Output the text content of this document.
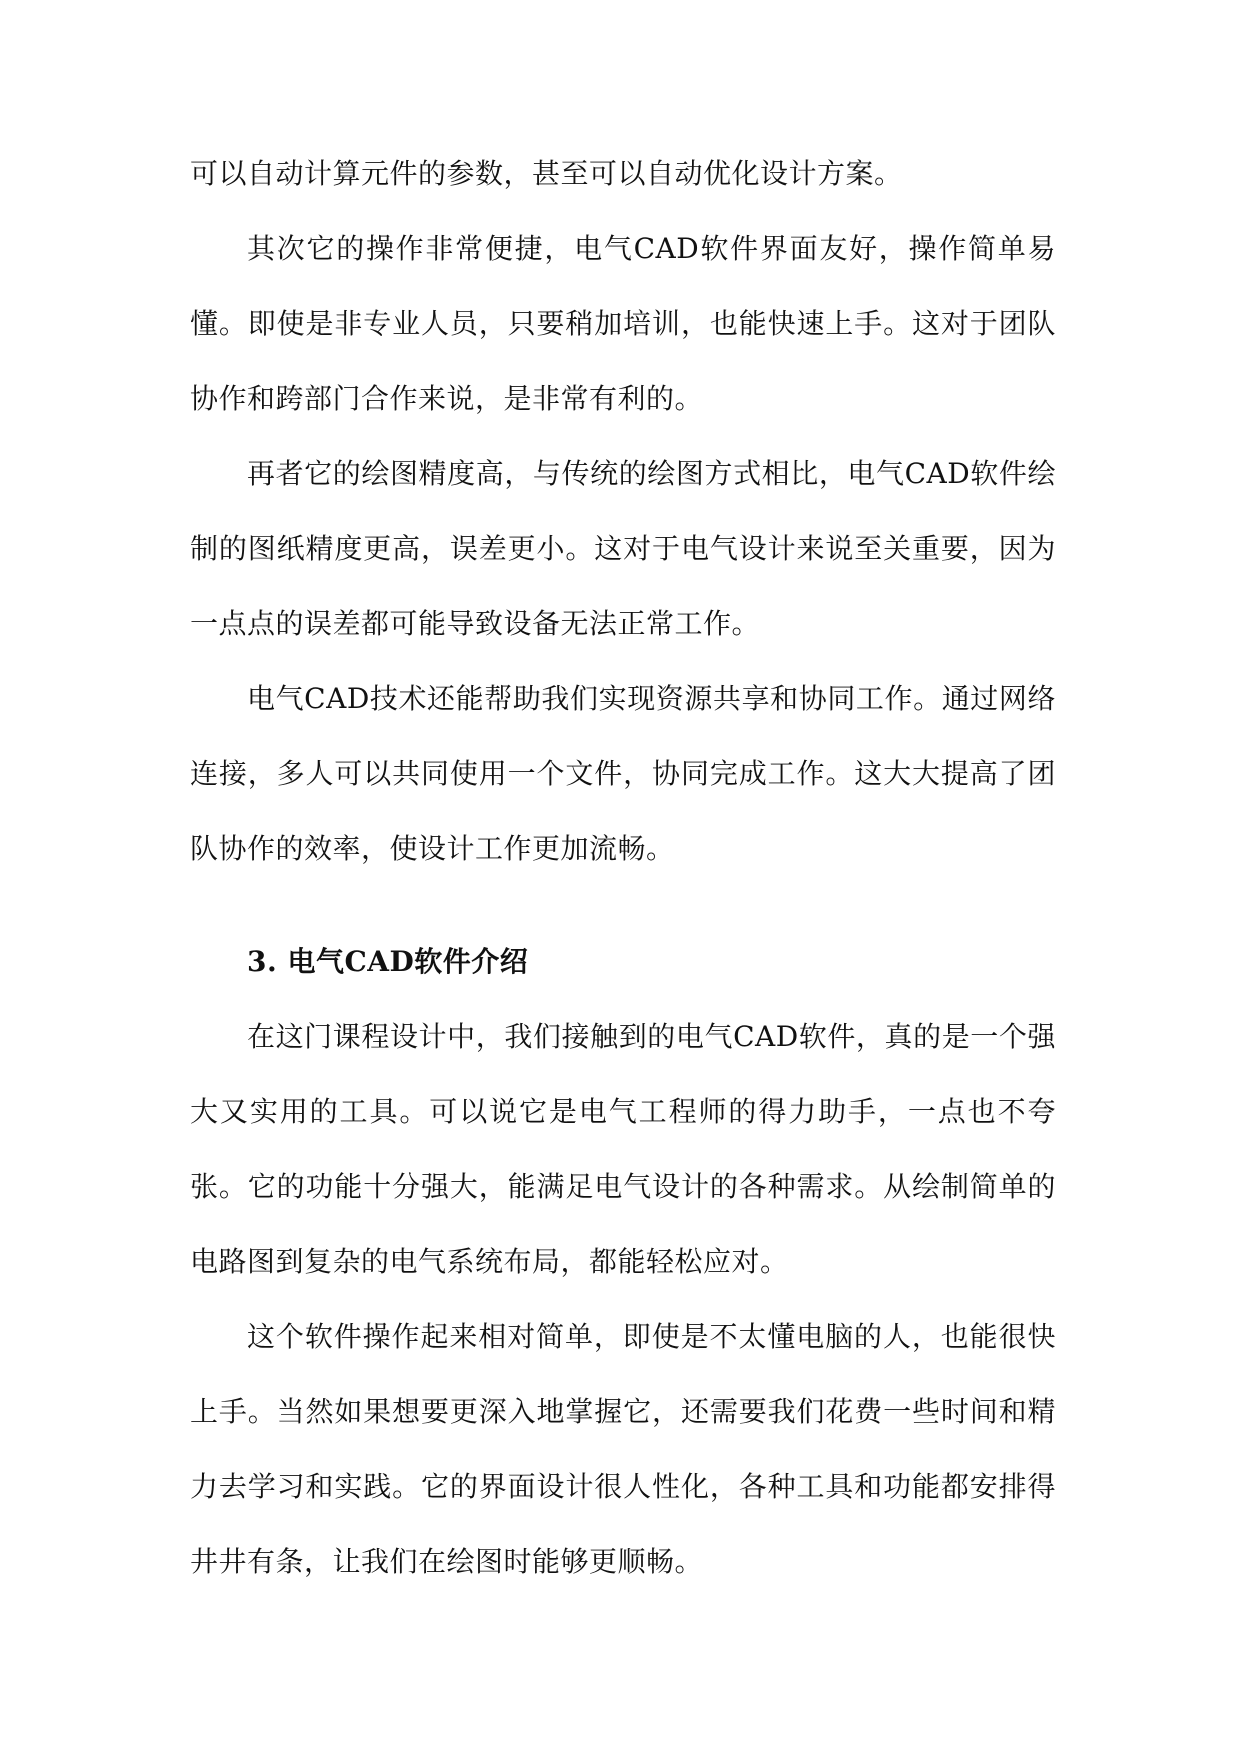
可以自动计算元件的参数，甚至可以自动优化设计方案。

其次它的操作非常便捷，电气CAD软件界面友好，操作简单易懂。即使是非专业人员，只要稍加培训，也能快速上手。这对于团队协作和跨部门合作来说，是非常有利的。

再者它的绘图精度高，与传统的绘图方式相比，电气CAD软件绘制的图纸精度更高，误差更小。这对于电气设计来说至关重要，因为一点点的误差都可能导致设备无法正常工作。

电气CAD技术还能帮助我们实现资源共享和协同工作。通过网络连接，多人可以共同使用一个文件，协同完成工作。这大大提高了团队协作的效率，使设计工作更加流畅。

3. 电气CAD软件介绍

在这门课程设计中，我们接触到的电气CAD软件，真的是一个强大又实用的工具。可以说它是电气工程师的得力助手，一点也不夸张。它的功能十分强大，能满足电气设计的各种需求。从绘制简单的电路图到复杂的电气系统布局，都能轻松应对。

这个软件操作起来相对简单，即使是不太懂电脑的人，也能很快上手。当然如果想要更深入地掌握它，还需要我们花费一些时间和精力去学习和实践。它的界面设计很人性化，各种工具和功能都安排得井井有条，让我们在绘图时能够更顺畅。
